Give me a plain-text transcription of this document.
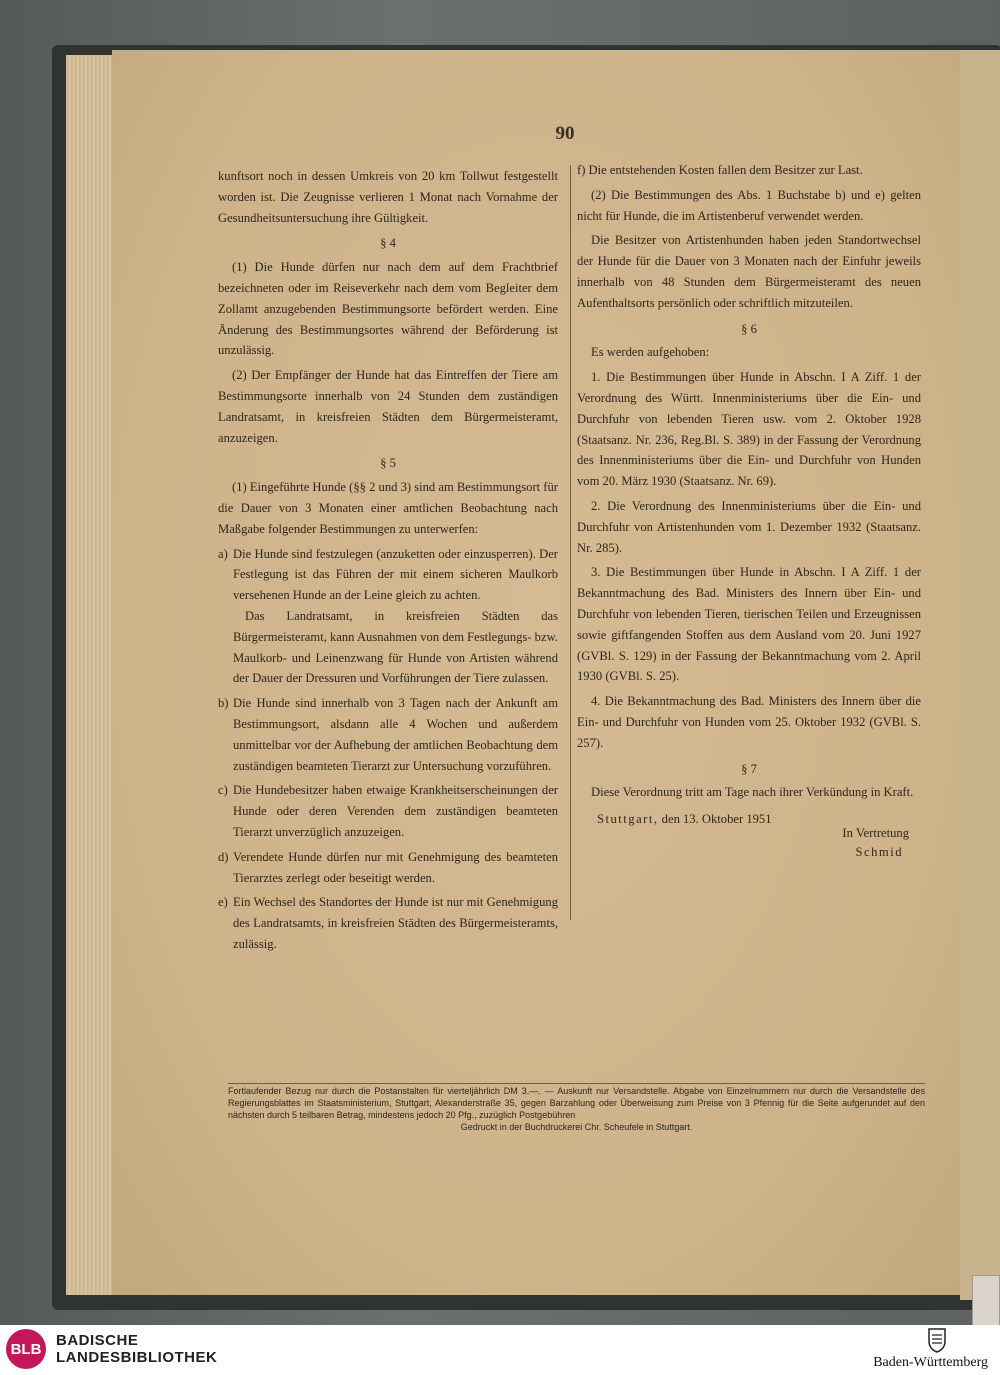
90

kunftsort noch in dessen Umkreis von 20 km Tollwut festgestellt worden ist. Die Zeugnisse verlieren 1 Monat nach Vornahme der Gesundheitsuntersuchung ihre Gültigkeit.

§ 4

(1) Die Hunde dürfen nur nach dem auf dem Frachtbrief bezeichneten oder im Reiseverkehr nach dem vom Begleiter dem Zollamt anzugebenden Bestimmungsorte befördert werden. Eine Änderung des Bestimmungsortes während der Beförderung ist unzulässig.

(2) Der Empfänger der Hunde hat das Eintreffen der Tiere am Bestimmungsorte innerhalb von 24 Stunden dem zuständigen Landratsamt, in kreisfreien Städten dem Bürgermeisteramt, anzuzeigen.

§ 5

(1) Eingeführte Hunde (§§ 2 und 3) sind am Bestimmungsort für die Dauer von 3 Monaten einer amtlichen Beobachtung nach Maßgabe folgender Bestimmungen zu unterwerfen:

a) Die Hunde sind festzulegen (anzuketten oder einzusperren). Der Festlegung ist das Führen der mit einem sicheren Maulkorb versehenen Hunde an der Leine gleich zu achten.

Das Landratsamt, in kreisfreien Städten das Bürgermeisteramt, kann Ausnahmen von dem Festlegungs- bzw. Maulkorb- und Leinenzwang für Hunde von Artisten während der Dauer der Dressuren und Vorführungen der Tiere zulassen.

b) Die Hunde sind innerhalb von 3 Tagen nach der Ankunft am Bestimmungsort, alsdann alle 4 Wochen und außerdem unmittelbar vor der Aufhebung der amtlichen Beobachtung dem zuständigen beamteten Tierarzt zur Untersuchung vorzuführen.

c) Die Hundebesitzer haben etwaige Krankheitserscheinungen der Hunde oder deren Verenden dem zuständigen beamteten Tierarzt unverzüglich anzuzeigen.

d) Verendete Hunde dürfen nur mit Genehmigung des beamteten Tierarztes zerlegt oder beseitigt werden.

e) Ein Wechsel des Standortes der Hunde ist nur mit Genehmigung des Landratsamts, in kreisfreien Städten des Bürgermeisteramts, zulässig.

f) Die entstehenden Kosten fallen dem Besitzer zur Last.

(2) Die Bestimmungen des Abs. 1 Buchstabe b) und e) gelten nicht für Hunde, die im Artistenberuf verwendet werden.

Die Besitzer von Artistenhunden haben jeden Standortwechsel der Hunde für die Dauer von 3 Monaten nach der Einfuhr jeweils innerhalb von 48 Stunden dem Bürgermeisteramt des neuen Aufenthaltsorts persönlich oder schriftlich mitzuteilen.

§ 6

Es werden aufgehoben:

1. Die Bestimmungen über Hunde in Abschn. I A Ziff. 1 der Verordnung des Württ. Innenministeriums über die Ein- und Durchfuhr von lebenden Tieren usw. vom 2. Oktober 1928 (Staatsanz. Nr. 236, Reg.Bl. S. 389) in der Fassung der Verordnung des Innenministeriums über die Ein- und Durchfuhr von Hunden vom 20. März 1930 (Staatsanz. Nr. 69).

2. Die Verordnung des Innenministeriums über die Ein- und Durchfuhr von Artistenhunden vom 1. Dezember 1932 (Staatsanz. Nr. 285).

3. Die Bestimmungen über Hunde in Abschn. I A Ziff. 1 der Bekanntmachung des Bad. Ministers des Innern über Ein- und Durchfuhr von lebenden Tieren, tierischen Teilen und Erzeugnissen sowie giftfangenden Stoffen aus dem Ausland vom 20. Juni 1927 (GVBl. S. 129) in der Fassung der Bekanntmachung vom 2. April 1930 (GVBl. S. 25).

4. Die Bekanntmachung des Bad. Ministers des Innern über die Ein- und Durchfuhr von Hunden vom 25. Oktober 1932 (GVBl. S. 257).

§ 7

Diese Verordnung tritt am Tage nach ihrer Verkündung in Kraft.

Stuttgart, den 13. Oktober 1951
In Vertretung
Schmid
Fortlaufender Bezug nur durch die Postanstalten für vierteljährlich DM 3.—. — Auskunft nur Versandstelle. Abgabe von Einzelnummern nur durch die Versandstelle des Regierungsblattes im Staatsministerium, Stuttgart, Alexanderstraße 35, gegen Barzahlung oder Überweisung zum Preise von 3 Pfennig für die Seite aufgerundet auf den nächsten durch 5 teilbaren Betrag, mindestens jedoch 20 Pfg., zuzüglich Postgebühren
Gedruckt in der Buchdruckerei Chr. Scheufele in Stuttgart.
BLB BADISCHE
LANDESBIBLIOTHEK	Baden-Württemberg
